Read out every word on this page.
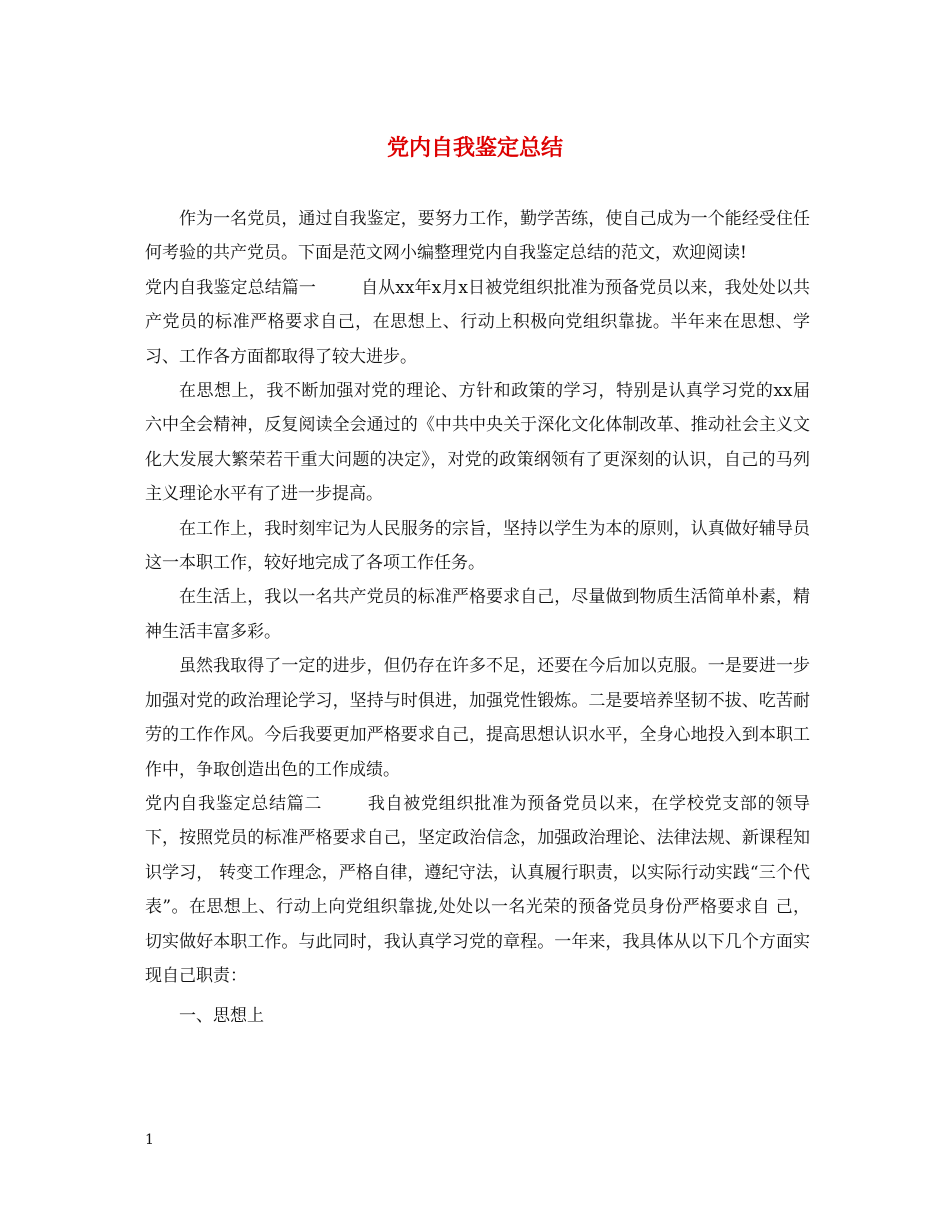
党内自我鉴定总结

作为一名党员，通过自我鉴定，要努力工作，勤学苦练，使自己成为一个能经受住任何考验的共产党员。下面是范文网小编整理党内自我鉴定总结的范文，欢迎阅读!

党内自我鉴定总结篇一	自从xx年x月x日被党组织批准为预备党员以来，我处处以共产党员的标准严格要求自己，在思想上、行动上积极向党组织靠拢。半年来在思想、学习、工作各方面都取得了较大进步。

在思想上，我不断加强对党的理论、方针和政策的学习，特别是认真学习党的xx届六中全会精神，反复阅读全会通过的《中共中央关于深化文化体制改革、推动社会主义文化大发展大繁荣若干重大问题的决定》，对党的政策纲领有了更深刻的认识，自己的马列主义理论水平有了进一步提高。

在工作上，我时刻牢记为人民服务的宗旨，坚持以学生为本的原则，认真做好辅导员这一本职工作，较好地完成了各项工作任务。

在生活上，我以一名共产党员的标准严格要求自己，尽量做到物质生活简单朴素，精神生活丰富多彩。

虽然我取得了一定的进步，但仍存在许多不足，还要在今后加以克服。一是要进一步加强对党的政治理论学习，坚持与时俱进，加强党性锻炼。二是要培养坚韧不拔、吃苦耐劳的工作作风。今后我要更加严格要求自己，提高思想认识水平，全身心地投入到本职工作中，争取创造出色的工作成绩。

党内自我鉴定总结篇二	我自被党组织批准为预备党员以来，在学校党支部的领导下，按照党员的标准严格要求自己，坚定政治信念，加强政治理论、法律法规、新课程知识学习， 转变工作理念，严格自律，遵纪守法，认真履行职责，以实际行动实践“三个代表”。在思想上、行动上向党组织靠拢,处处以一名光荣的预备党员身份严格要求自 己，切实做好本职工作。与此同时，我认真学习党的章程。一年来，我具体从以下几个方面实现自己职责：

一、思想上

1
